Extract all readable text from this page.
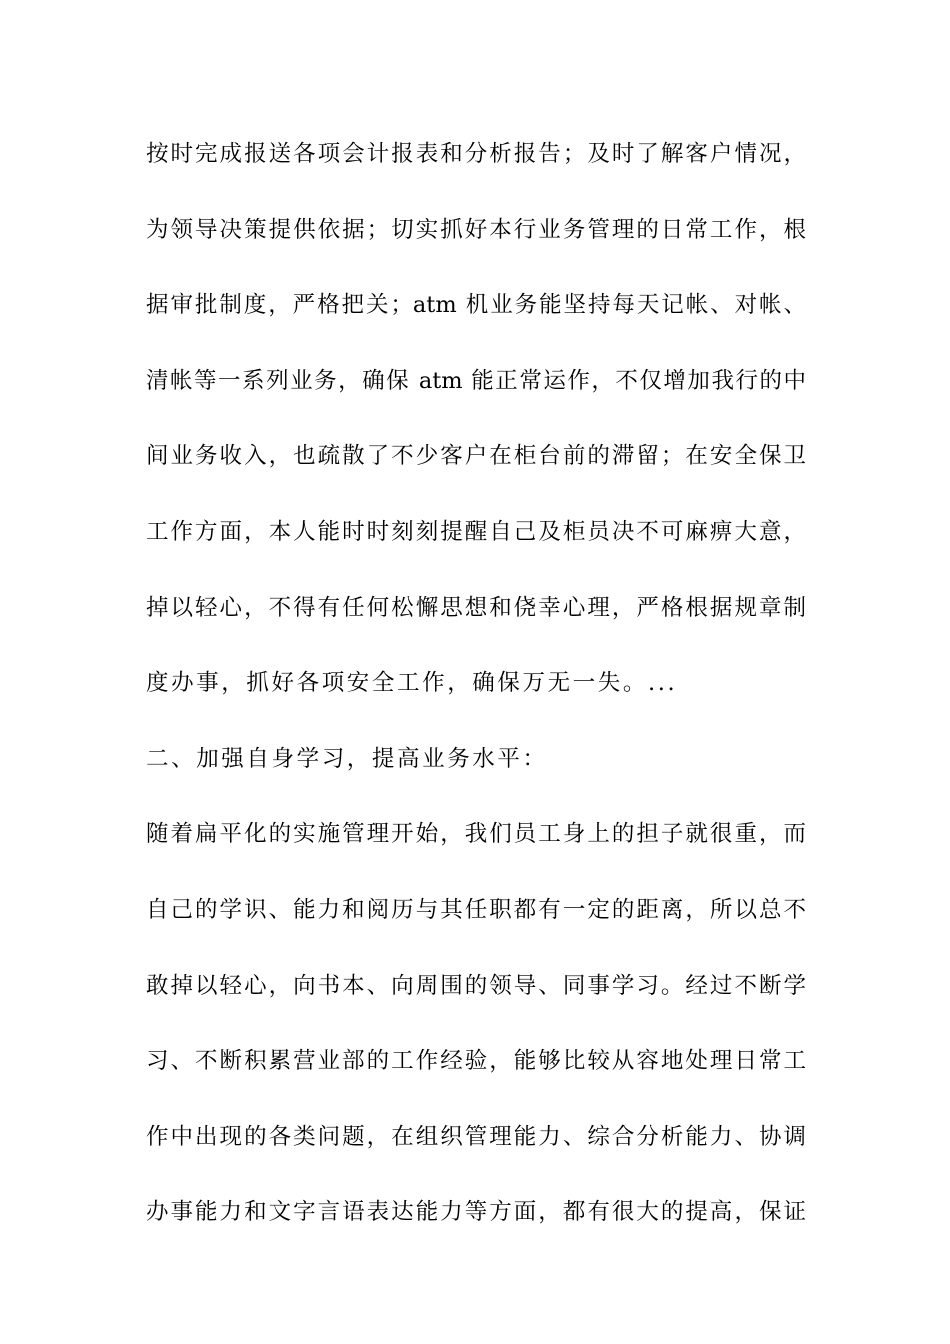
按时完成报送各项会计报表和分析报告；及时了解客户情况，
为领导决策提供依据；切实抓好本行业务管理的日常工作，根
据审批制度，严格把关；atm 机业务能坚持每天记帐、对帐、
清帐等一系列业务，确保 atm 能正常运作，不仅增加我行的中
间业务收入，也疏散了不少客户在柜台前的滞留；在安全保卫
工作方面，本人能时时刻刻提醒自己及柜员决不可麻痹大意，
掉以轻心，不得有任何松懈思想和侥幸心理，严格根据规章制
度办事，抓好各项安全工作，确保万无一失。...
二、加强自身学习，提高业务水平：
随着扁平化的实施管理开始，我们员工身上的担子就很重，而
自己的学识、能力和阅历与其任职都有一定的距离，所以总不
敢掉以轻心，向书本、向周围的领导、同事学习。经过不断学
习、不断积累营业部的工作经验，能够比较从容地处理日常工
作中出现的各类问题，在组织管理能力、综合分析能力、协调
办事能力和文字言语表达能力等方面，都有很大的提高，保证
